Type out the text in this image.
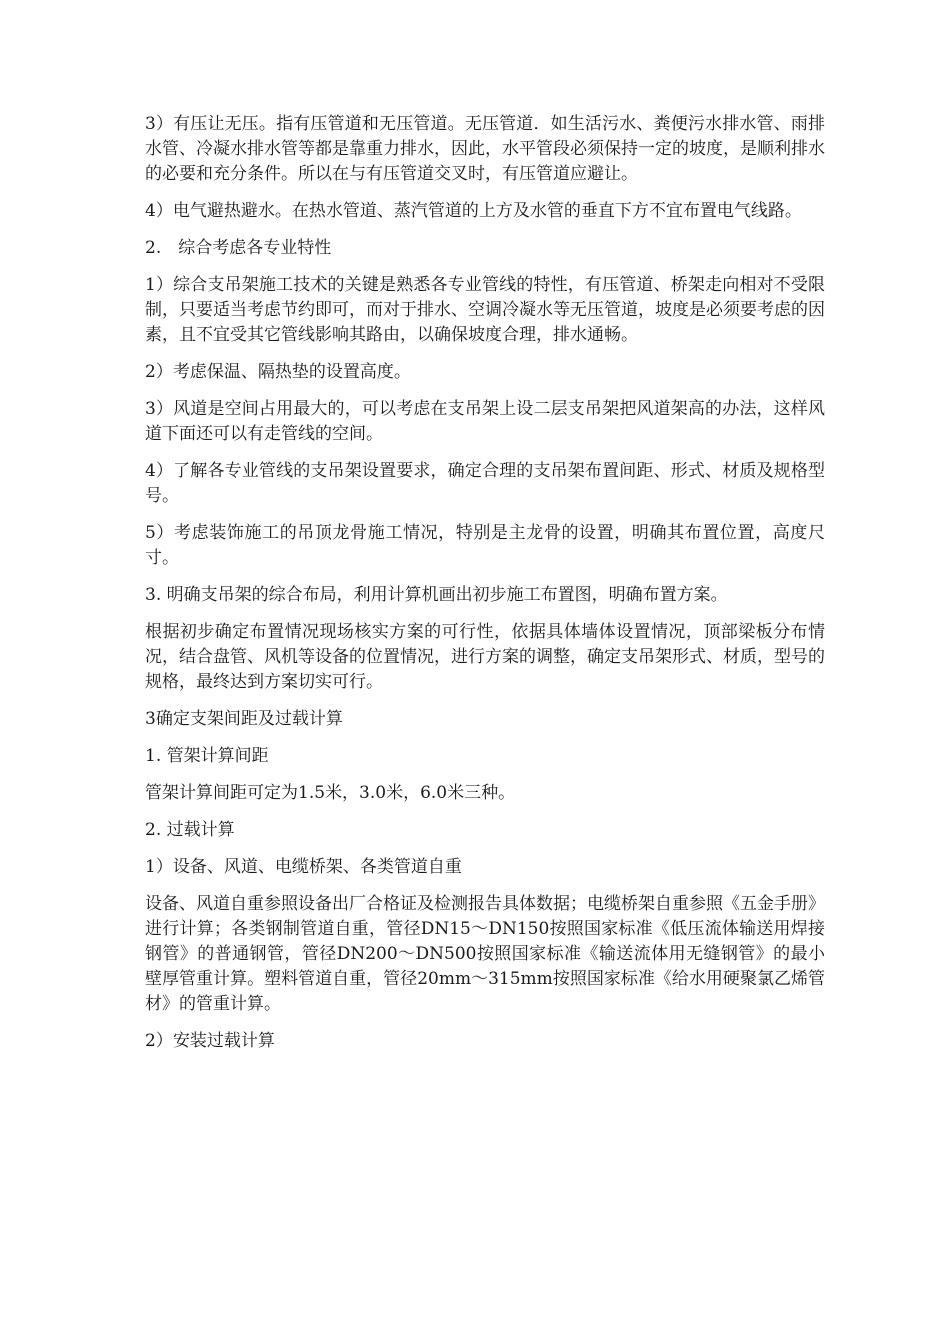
3）有压让无压。指有压管道和无压管道。无压管道．如生活污水、粪便污水排水管、雨排水管、冷凝水排水管等都是靠重力排水，因此，水平管段必须保持一定的坡度，是顺利排水的必要和充分条件。所以在与有压管道交叉时，有压管道应避让。

4）电气避热避水。在热水管道、蒸汽管道的上方及水管的垂直下方不宜布置电气线路。

2.　综合考虑各专业特性

1）综合支吊架施工技术的关键是熟悉各专业管线的特性，有压管道、桥架走向相对不受限制，只要适当考虑节约即可，而对于排水、空调冷凝水等无压管道，坡度是必须要考虑的因素，且不宜受其它管线影响其路由，以确保坡度合理，排水通畅。

2）考虑保温、隔热垫的设置高度。

3）风道是空间占用最大的，可以考虑在支吊架上设二层支吊架把风道架高的办法，这样风道下面还可以有走管线的空间。

4）了解各专业管线的支吊架设置要求，确定合理的支吊架布置间距、形式、材质及规格型号。

5）考虑装饰施工的吊顶龙骨施工情况，特别是主龙骨的设置，明确其布置位置，高度尺寸。

3. 明确支吊架的综合布局，利用计算机画出初步施工布置图，明确布置方案。

根据初步确定布置情况现场核实方案的可行性，依据具体墙体设置情况，顶部梁板分布情况，结合盘管、风机等设备的位置情况，进行方案的调整，确定支吊架形式、材质，型号的规格，最终达到方案切实可行。

3确定支架间距及过载计算

1. 管架计算间距

管架计算间距可定为1.5米，3.0米，6.0米三种。

2. 过载计算

1）设备、风道、电缆桥架、各类管道自重

设备、风道自重参照设备出厂合格证及检测报告具体数据；电缆桥架自重参照《五金手册》进行计算；各类钢制管道自重，管径DN15～DN150按照国家标准《低压流体输送用焊接钢管》的普通钢管，管径DN200～DN500按照国家标准《输送流体用无缝钢管》的最小壁厚管重计算。塑料管道自重，管径20mm～315mm按照国家标准《给水用硬聚氯乙烯管材》的管重计算。

2）安装过载计算
